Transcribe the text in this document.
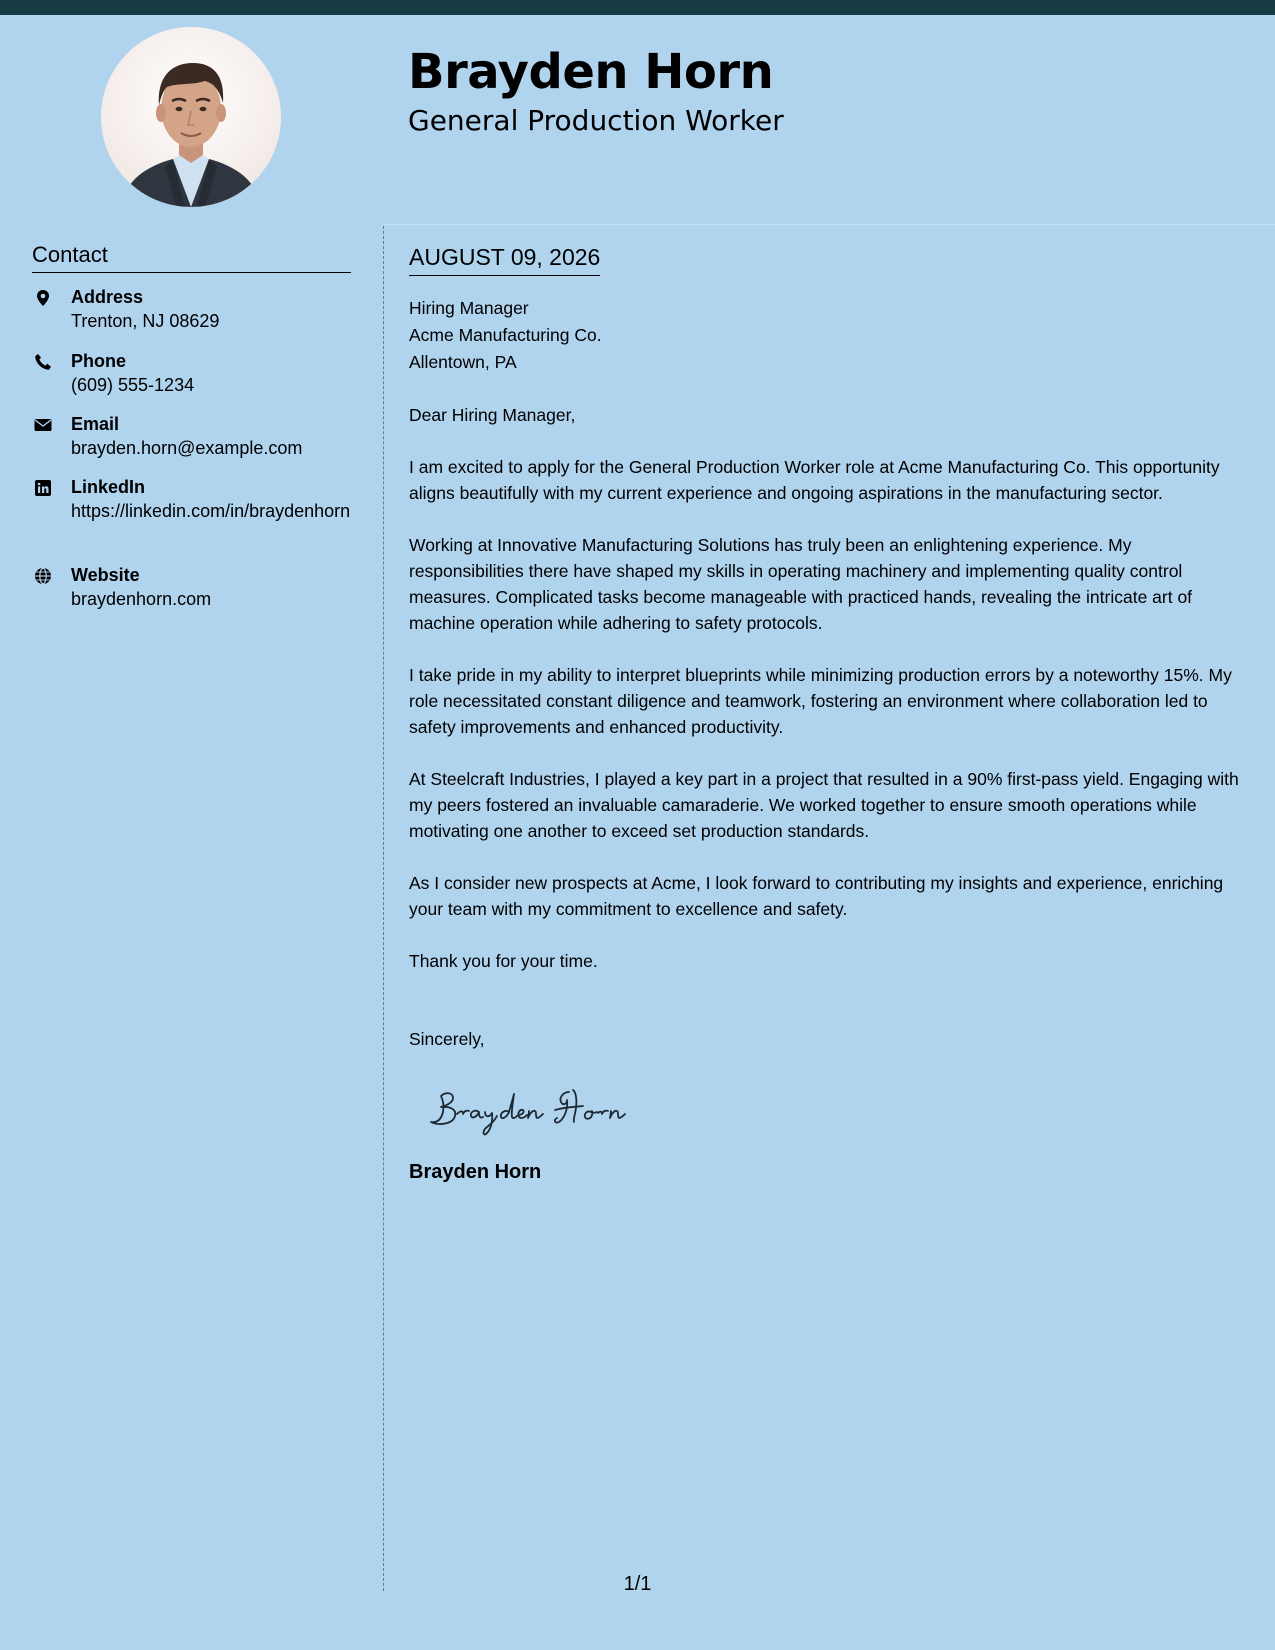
Brayden Horn
General Production Worker
Contact
Address
Trenton, NJ 08629
Phone
(609) 555-1234
Email
brayden.horn@example.com
LinkedIn
https://linkedin.com/in/braydenhorn
Website
braydenhorn.com
AUGUST 09, 2026
Hiring Manager
Acme Manufacturing Co.
Allentown, PA
Dear Hiring Manager,
I am excited to apply for the General Production Worker role at Acme Manufacturing Co. This opportunity aligns beautifully with my current experience and ongoing aspirations in the manufacturing sector.
Working at Innovative Manufacturing Solutions has truly been an enlightening experience. My responsibilities there have shaped my skills in operating machinery and implementing quality control measures. Complicated tasks become manageable with practiced hands, revealing the intricate art of machine operation while adhering to safety protocols.
I take pride in my ability to interpret blueprints while minimizing production errors by a noteworthy 15%. My role necessitated constant diligence and teamwork, fostering an environment where collaboration led to safety improvements and enhanced productivity.
At Steelcraft Industries, I played a key part in a project that resulted in a 90% first-pass yield. Engaging with my peers fostered an invaluable camaraderie. We worked together to ensure smooth operations while motivating one another to exceed set production standards.
As I consider new prospects at Acme, I look forward to contributing my insights and experience, enriching your team with my commitment to excellence and safety.
Thank you for your time.
Sincerely,
Brayden Horn
1/1
